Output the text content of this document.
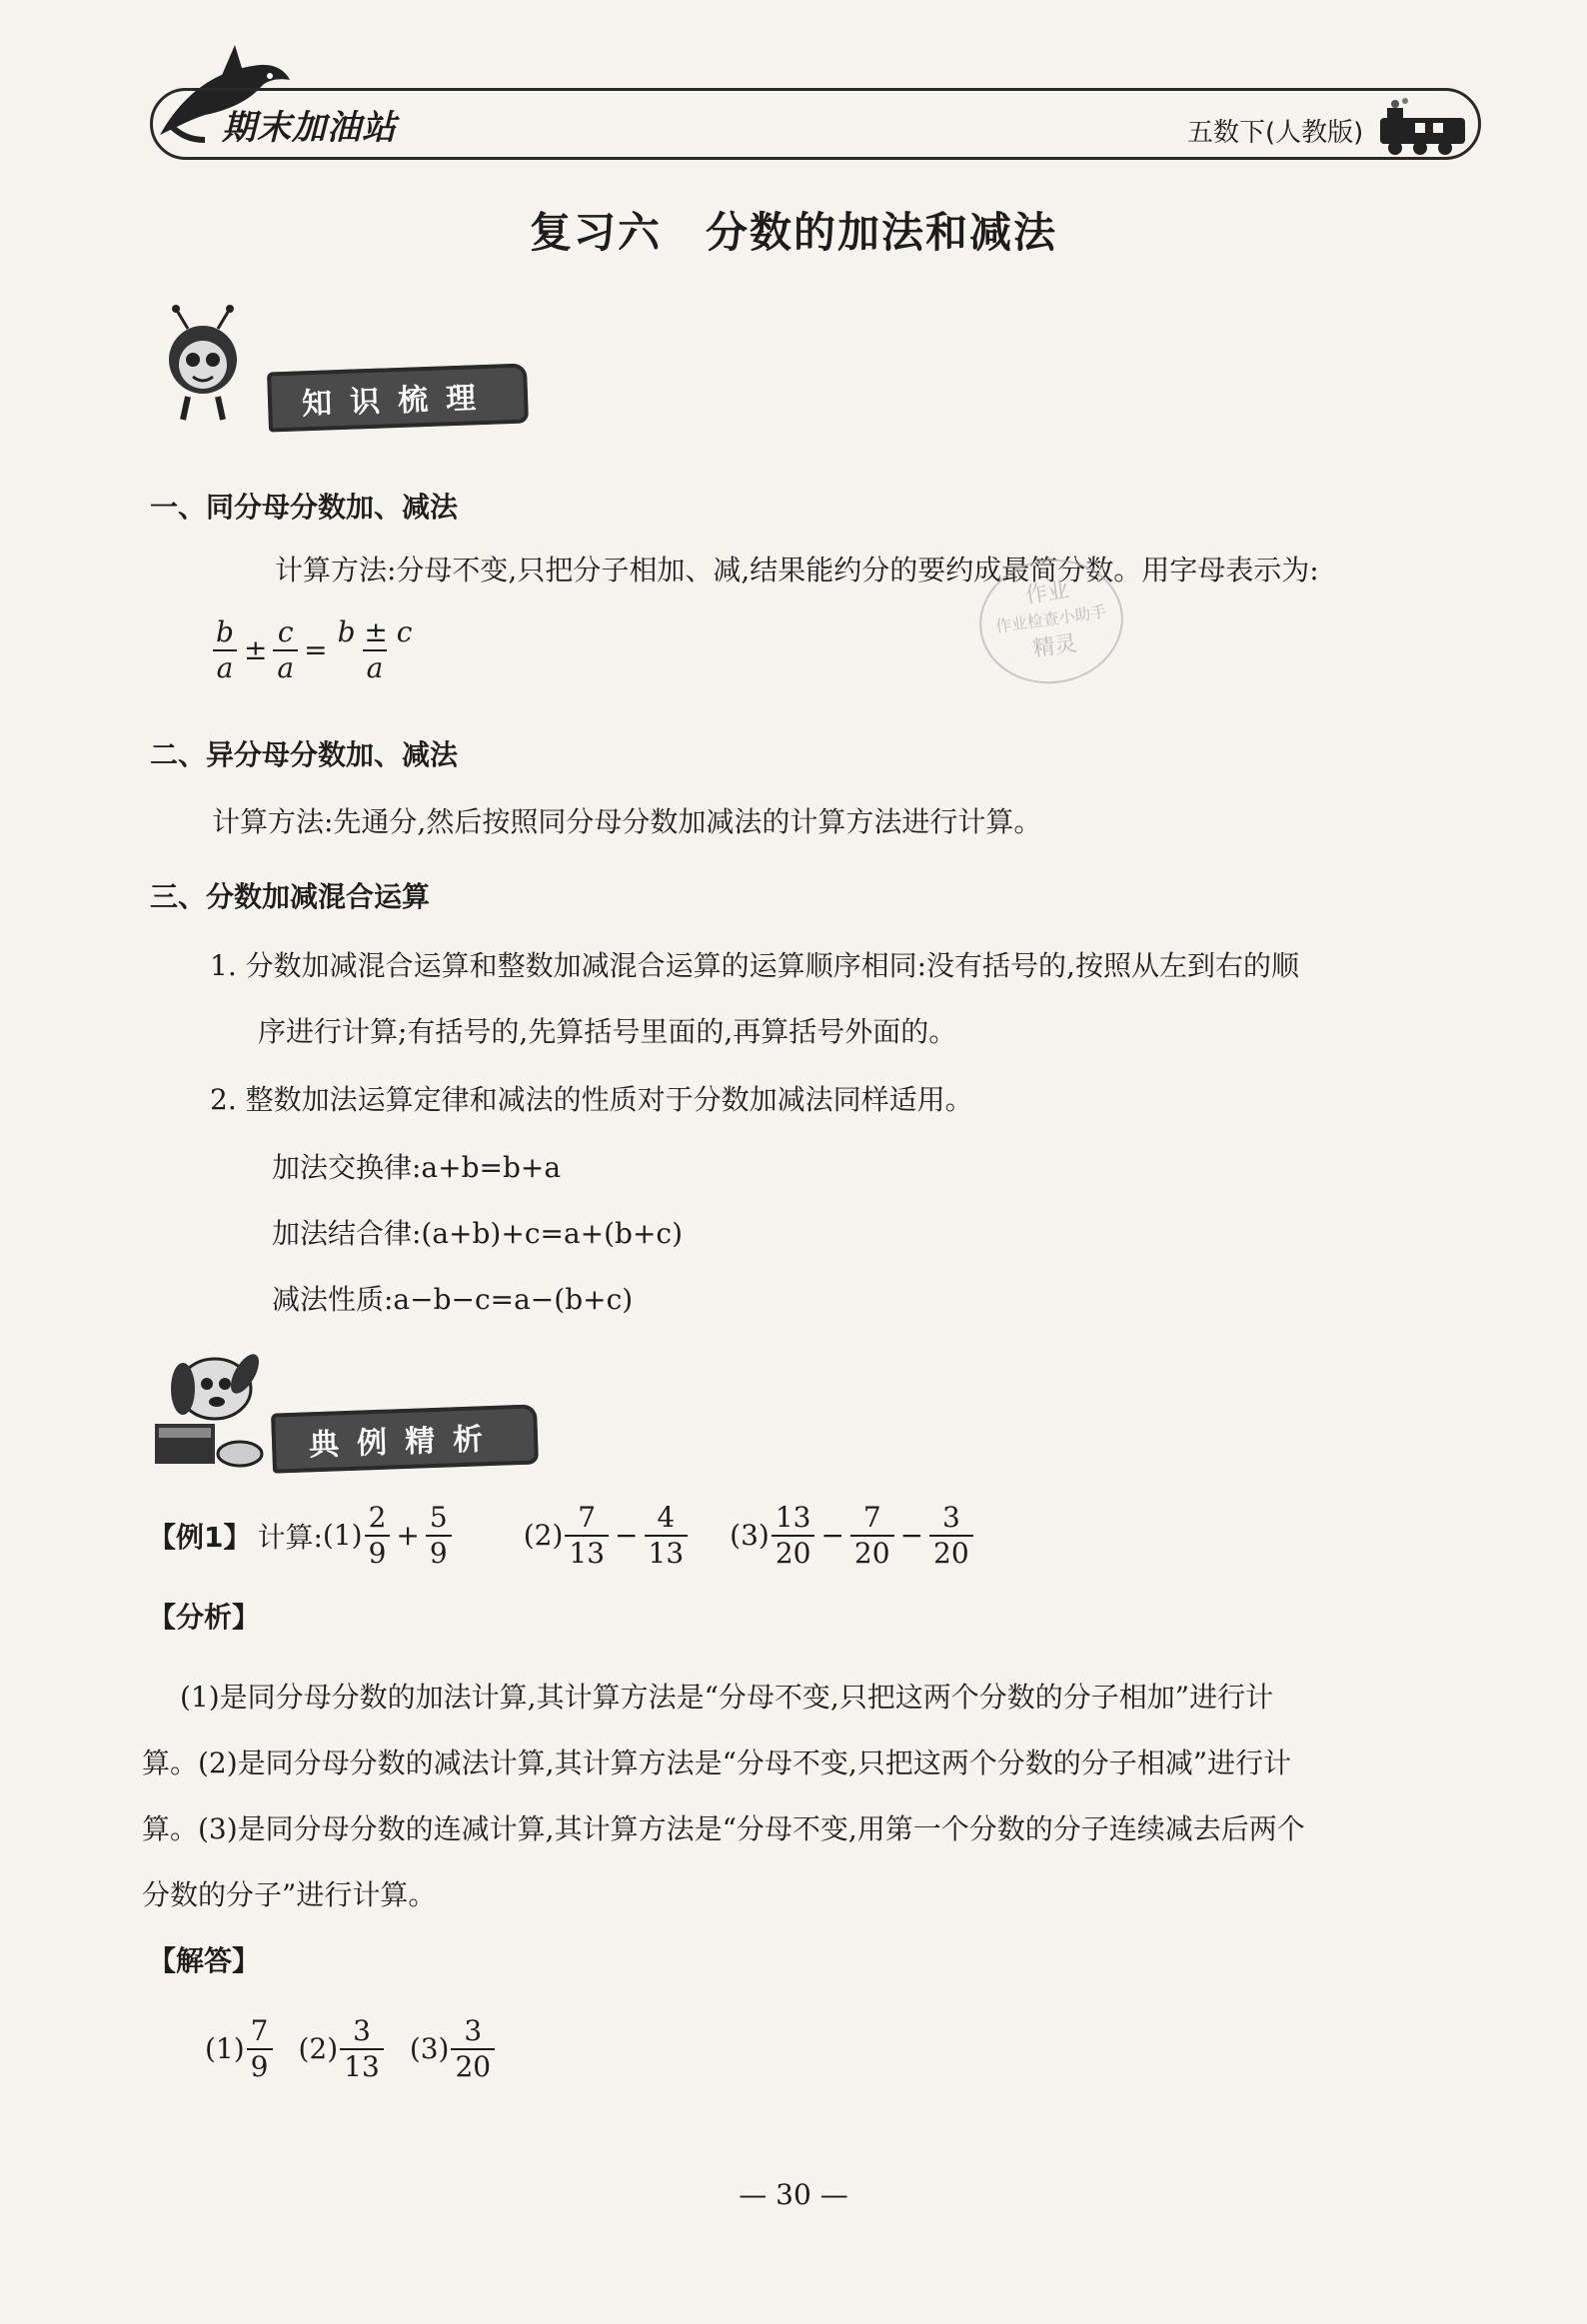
期末加油站	五数下(人教版)
复习六　分数的加法和减法
知识梳理
一、同分母分数加、减法
计算方法:分母不变,只把分子相加、减,结果能约分的要约成最简分数。用字母表示为:
$\frac{b}{a} \pm \frac{c}{a} = \frac{b \pm c}{a}$
作业
作业检查小助手
精灵
二、异分母分数加、减法
计算方法:先通分,然后按照同分母分数加减法的计算方法进行计算。
三、分数加减混合运算
1. 分数加减混合运算和整数加减混合运算的运算顺序相同:没有括号的,按照从左到右的顺
序进行计算;有括号的,先算括号里面的,再算括号外面的。
2. 整数加法运算定律和减法的性质对于分数加减法同样适用。
加法交换律:a+b=b+a
加法结合律:(a+b)+c=a+(b+c)
减法性质:a−b−c=a−(b+c)
典例精析
【例1】 计算: $(1) \frac{2}{9} + \frac{5}{9}$	$(2) \frac{7}{13} - \frac{4}{13} (3) \frac{13}{20} - \frac{7}{20} - \frac{3}{20}$
【分析】
(1)是同分母分数的加法计算,其计算方法是“分母不变,只把这两个分数的分子相加”进行计
算。(2)是同分母分数的减法计算,其计算方法是“分母不变,只把这两个分数的分子相减”进行计
算。(3)是同分母分数的连减计算,其计算方法是“分母不变,用第一个分数的分子连续减去后两个
分数的分子”进行计算。
【解答】
$(1) \frac{7}{9} (2) \frac{3}{13} (3) \frac{3}{20}$
— 30 —
